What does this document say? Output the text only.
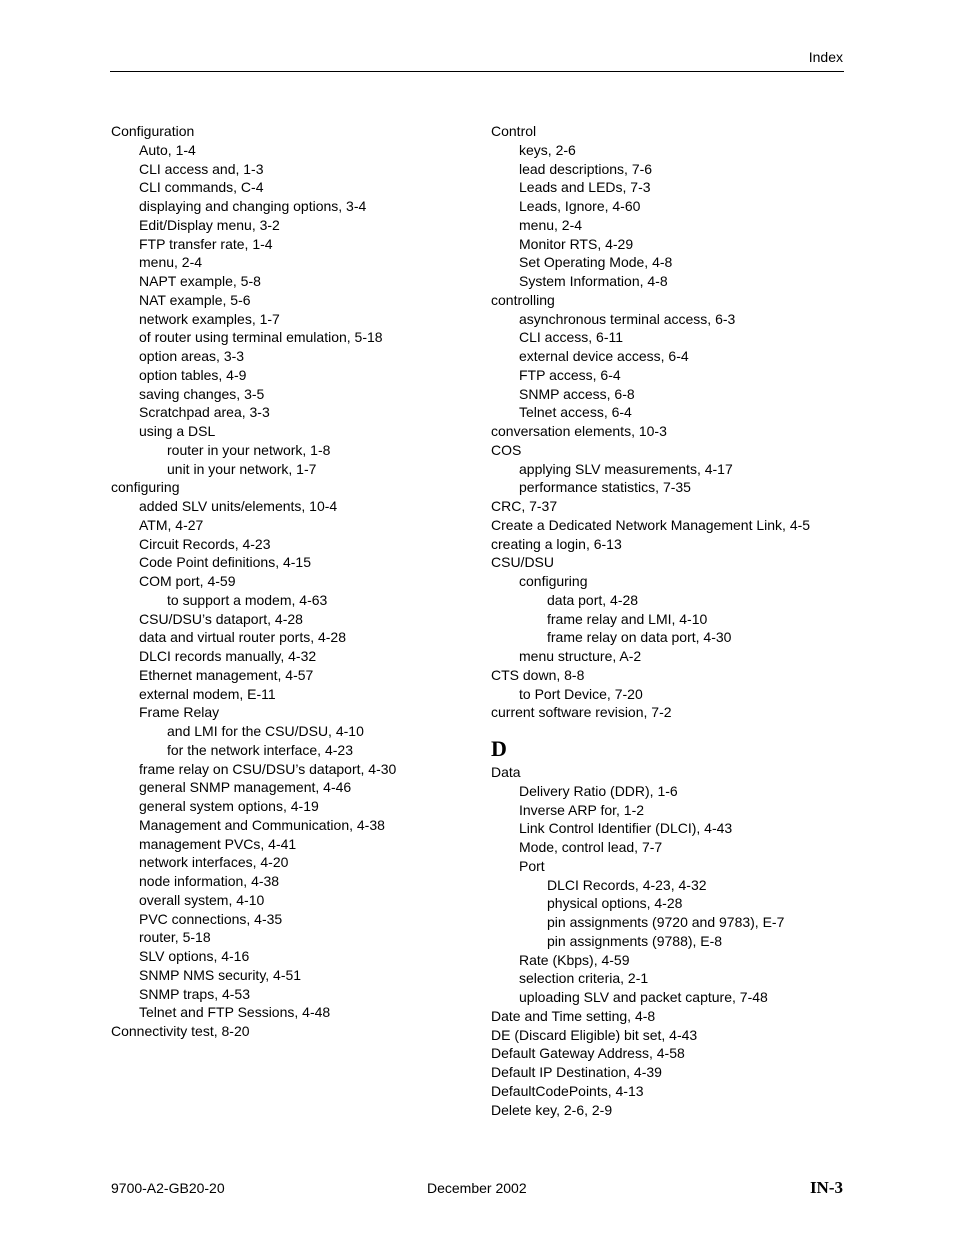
Index
Configuration
Auto, 1-4
CLI access and, 1-3
CLI commands, C-4
displaying and changing options, 3-4
Edit/Display menu, 3-2
FTP transfer rate, 1-4
menu, 2-4
NAPT example, 5-8
NAT example, 5-6
network examples, 1-7
of router using terminal emulation, 5-18
option areas, 3-3
option tables, 4-9
saving changes, 3-5
Scratchpad area, 3-3
using a DSL
router in your network, 1-8
unit in your network, 1-7
configuring
added SLV units/elements, 10-4
ATM, 4-27
Circuit Records, 4-23
Code Point definitions, 4-15
COM port, 4-59
to support a modem, 4-63
CSU/DSU’s dataport, 4-28
data and virtual router ports, 4-28
DLCI records manually, 4-32
Ethernet management, 4-57
external modem, E-11
Frame Relay
and LMI for the CSU/DSU, 4-10
for the network interface, 4-23
frame relay on CSU/DSU’s dataport, 4-30
general SNMP management, 4-46
general system options, 4-19
Management and Communication, 4-38
management PVCs, 4-41
network interfaces, 4-20
node information, 4-38
overall system, 4-10
PVC connections, 4-35
router, 5-18
SLV options, 4-16
SNMP NMS security, 4-51
SNMP traps, 4-53
Telnet and FTP Sessions, 4-48
Connectivity test, 8-20
Control
keys, 2-6
lead descriptions, 7-6
Leads and LEDs, 7-3
Leads, Ignore, 4-60
menu, 2-4
Monitor RTS, 4-29
Set Operating Mode, 4-8
System Information, 4-8
controlling
asynchronous terminal access, 6-3
CLI access, 6-11
external device access, 6-4
FTP access, 6-4
SNMP access, 6-8
Telnet access, 6-4
conversation elements, 10-3
COS
applying SLV measurements, 4-17
performance statistics, 7-35
CRC, 7-37
Create a Dedicated Network Management Link, 4-5
creating a login, 6-13
CSU/DSU
configuring
data port, 4-28
frame relay and LMI, 4-10
frame relay on data port, 4-30
menu structure, A-2
CTS down, 8-8
to Port Device, 7-20
current software revision, 7-2
D
Data
Delivery Ratio (DDR), 1-6
Inverse ARP for, 1-2
Link Control Identifier (DLCI), 4-43
Mode, control lead, 7-7
Port
DLCI Records, 4-23, 4-32
physical options, 4-28
pin assignments (9720 and 9783), E-7
pin assignments (9788), E-8
Rate (Kbps), 4-59
selection criteria, 2-1
uploading SLV and packet capture, 7-48
Date and Time setting, 4-8
DE (Discard Eligible) bit set, 4-43
Default Gateway Address, 4-58
Default IP Destination, 4-39
DefaultCodePoints, 4-13
Delete key, 2-6, 2-9
9700-A2-GB20-20	December 2002	IN-3
